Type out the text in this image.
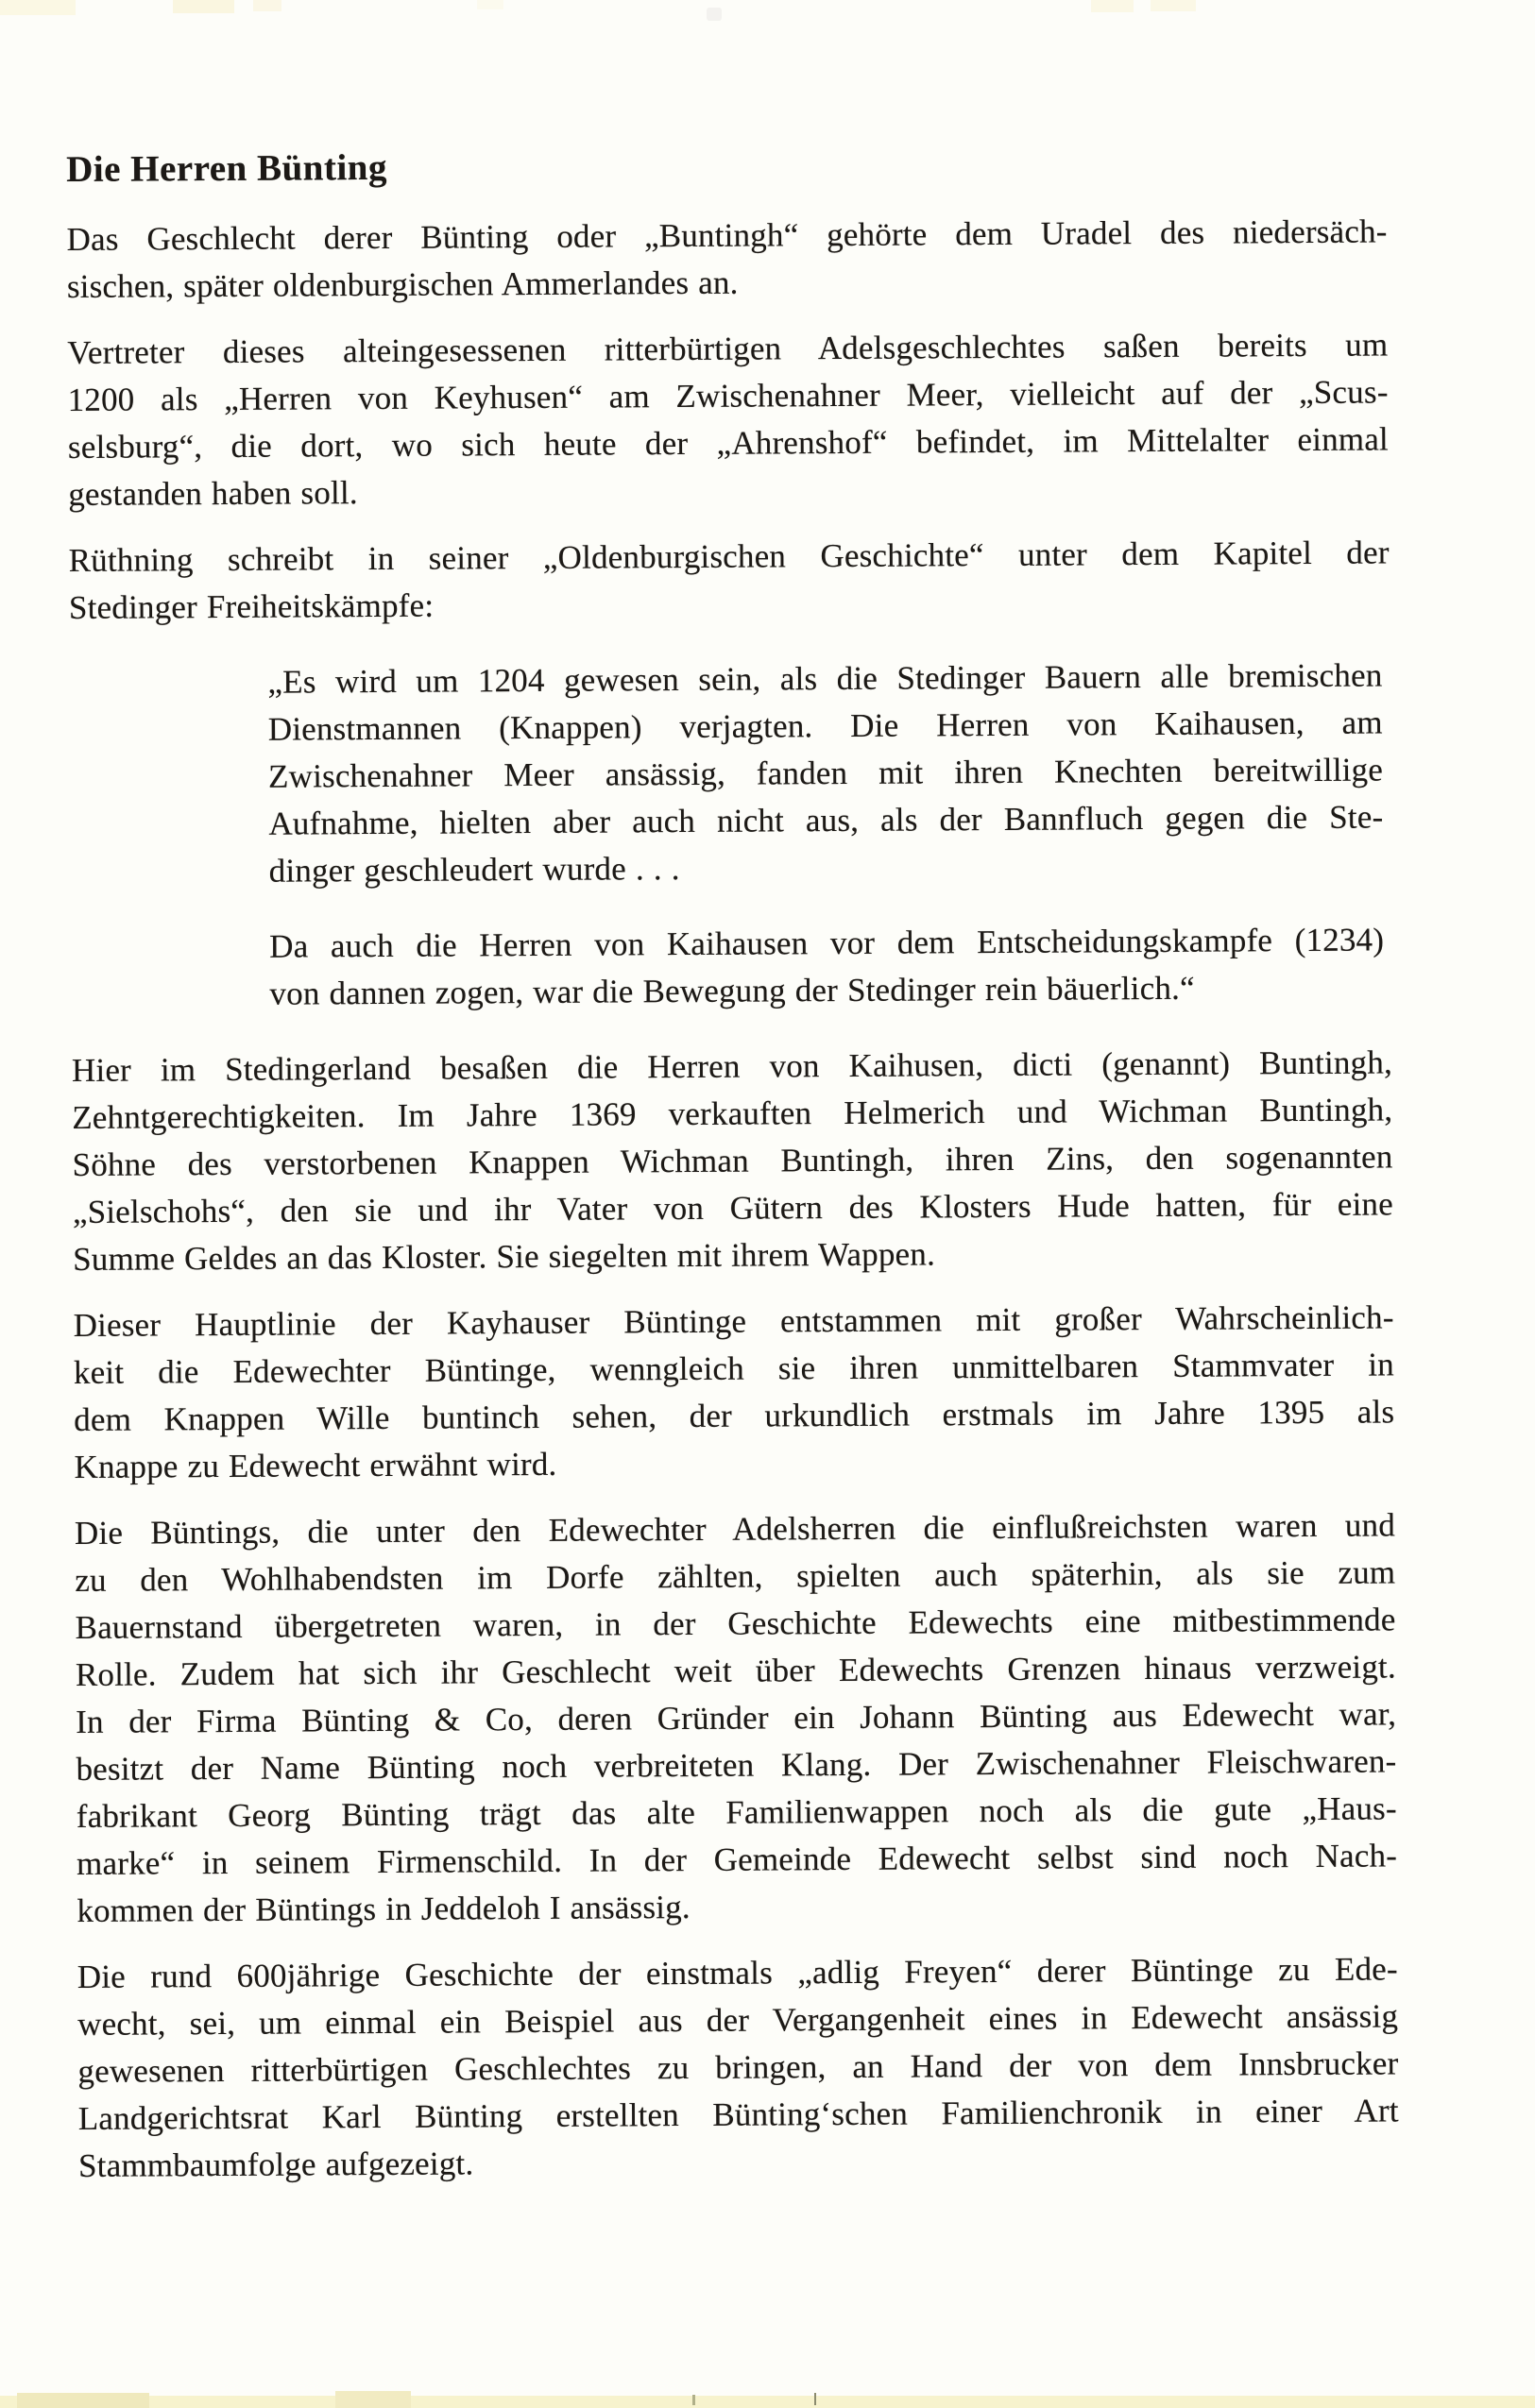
Die Herren Bünting
Das Geschlecht derer Bünting oder „Buntingh“ gehörte dem Uradel des niedersäch-
sischen, später oldenburgischen Ammerlandes an.
Vertreter dieses alteingesessenen ritterbürtigen Adelsgeschlechtes saßen bereits um
1200 als „Herren von Keyhusen“ am Zwischenahner Meer, vielleicht auf der „Scus-
selsburg“, die dort, wo sich heute der „Ahrenshof“ befindet, im Mittelalter einmal
gestanden haben soll.
Rüthning schreibt in seiner „Oldenburgischen Geschichte“ unter dem Kapitel der
Stedinger Freiheitskämpfe:
„Es wird um 1204 gewesen sein, als die Stedinger Bauern alle bremischen
Dienstmannen (Knappen) verjagten. Die Herren von Kaihausen, am
Zwischenahner Meer ansässig, fanden mit ihren Knechten bereitwillige
Aufnahme, hielten aber auch nicht aus, als der Bannfluch gegen die Ste-
dinger geschleudert wurde . . .
Da auch die Herren von Kaihausen vor dem Entscheidungskampfe (1234)
von dannen zogen, war die Bewegung der Stedinger rein bäuerlich.“
Hier im Stedingerland besaßen die Herren von Kaihusen, dicti (genannt) Buntingh,
Zehntgerechtigkeiten. Im Jahre 1369 verkauften Helmerich und Wichman Buntingh,
Söhne des verstorbenen Knappen Wichman Buntingh, ihren Zins, den sogenannten
„Sielschohs“, den sie und ihr Vater von Gütern des Klosters Hude hatten, für eine
Summe Geldes an das Kloster. Sie siegelten mit ihrem Wappen.
Dieser Hauptlinie der Kayhauser Büntinge entstammen mit großer Wahrscheinlich-
keit die Edewechter Büntinge, wenngleich sie ihren unmittelbaren Stammvater in
dem Knappen Wille buntinch sehen, der urkundlich erstmals im Jahre 1395 als
Knappe zu Edewecht erwähnt wird.
Die Büntings, die unter den Edewechter Adelsherren die einflußreichsten waren und
zu den Wohlhabendsten im Dorfe zählten, spielten auch späterhin, als sie zum
Bauernstand übergetreten waren, in der Geschichte Edewechts eine mitbestimmende
Rolle. Zudem hat sich ihr Geschlecht weit über Edewechts Grenzen hinaus verzweigt.
In der Firma Bünting & Co, deren Gründer ein Johann Bünting aus Edewecht war,
besitzt der Name Bünting noch verbreiteten Klang. Der Zwischenahner Fleischwaren-
fabrikant Georg Bünting trägt das alte Familienwappen noch als die gute „Haus-
marke“ in seinem Firmenschild. In der Gemeinde Edewecht selbst sind noch Nach-
kommen der Büntings in Jeddeloh I ansässig.
Die rund 600jährige Geschichte der einstmals „adlig Freyen“ derer Büntinge zu Ede-
wecht, sei, um einmal ein Beispiel aus der Vergangenheit eines in Edewecht ansässig
gewesenen ritterbürtigen Geschlechtes zu bringen, an Hand der von dem Innsbrucker
Landgerichtsrat Karl Bünting erstellten Bünting‘schen Familienchronik in einer Art
Stammbaumfolge aufgezeigt.
